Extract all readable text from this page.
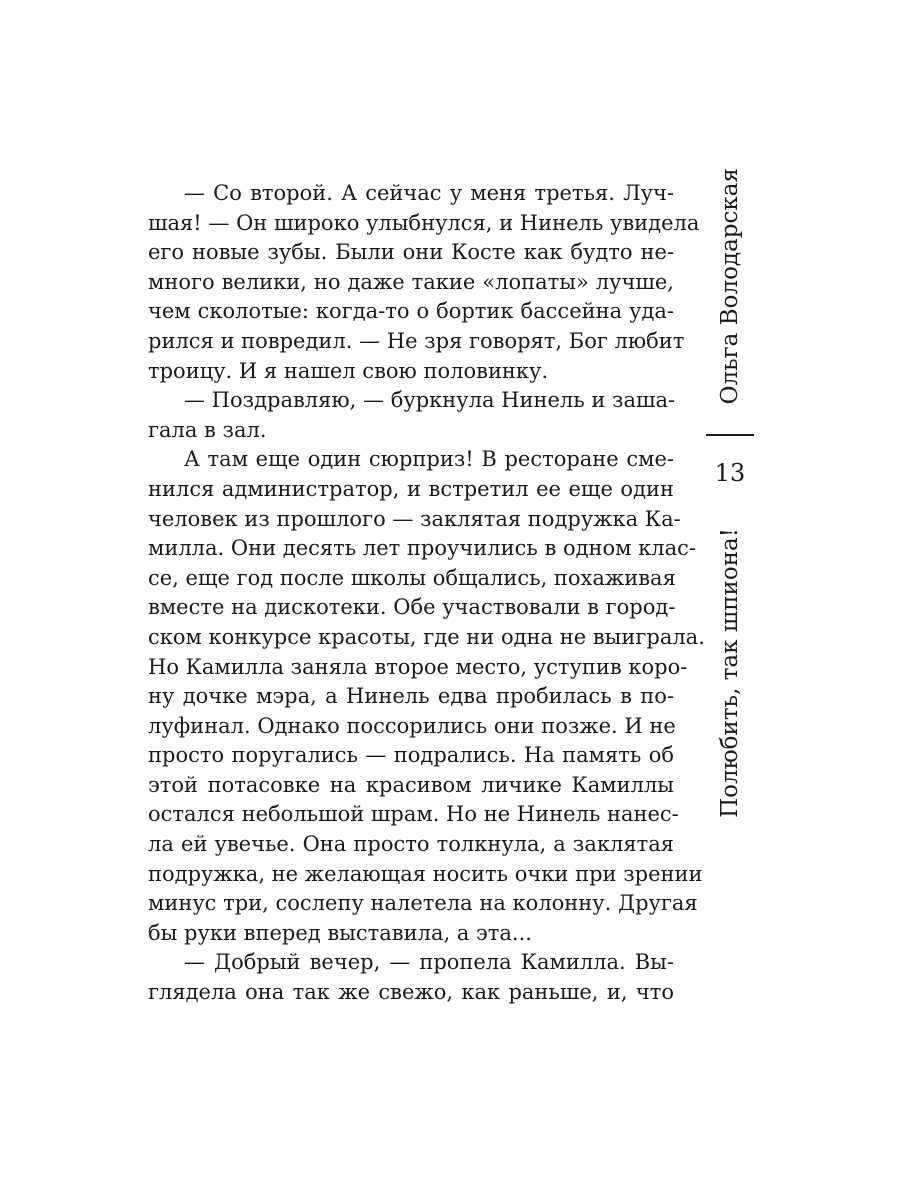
— Со второй. А сейчас у меня третья. Луч-
шая! — Он широко улыбнулся, и Нинель увидела
его новые зубы. Были они Косте как будто не-
много велики, но даже такие «лопаты» лучше,
чем сколотые: когда-то о бортик бассейна уда-
рился и повредил. — Не зря говорят, Бог любит
троицу. И я нашел свою половинку.
— Поздравляю, — буркнула Нинель и зашa-
гала в зал.
А там еще один сюрприз! В ресторане сме-
нился администратор, и встретил ее еще один
человек из прошлого — заклятая подружка Ка-
милла. Они десять лет проучились в одном клас-
се, еще год после школы общались, похаживая
вместе на дискотеки. Обе участвовали в город-
ском конкурсе красоты, где ни одна не выиграла.
Но Камилла заняла второе место, уступив коро-
ну дочке мэра, а Нинель едва пробилась в по-
луфинал. Однако поссорились они позже. И не
просто поругались — подрались. На память об
этой потасовке на красивом личике Камиллы
остался небольшой шрам. Но не Нинель нанес-
ла ей увечье. Она просто толкнула, а заклятая
подружка, не желающая носить очки при зрении
минус три, сослепу налетела на колонну. Другая
бы руки вперед выставила, а эта...
— Добрый вечер, — пропела Камилла. Вы-
глядела она так же свежо, как раньше, и, что
Ольга Володарская
13
Полюбить, так шпиона!
